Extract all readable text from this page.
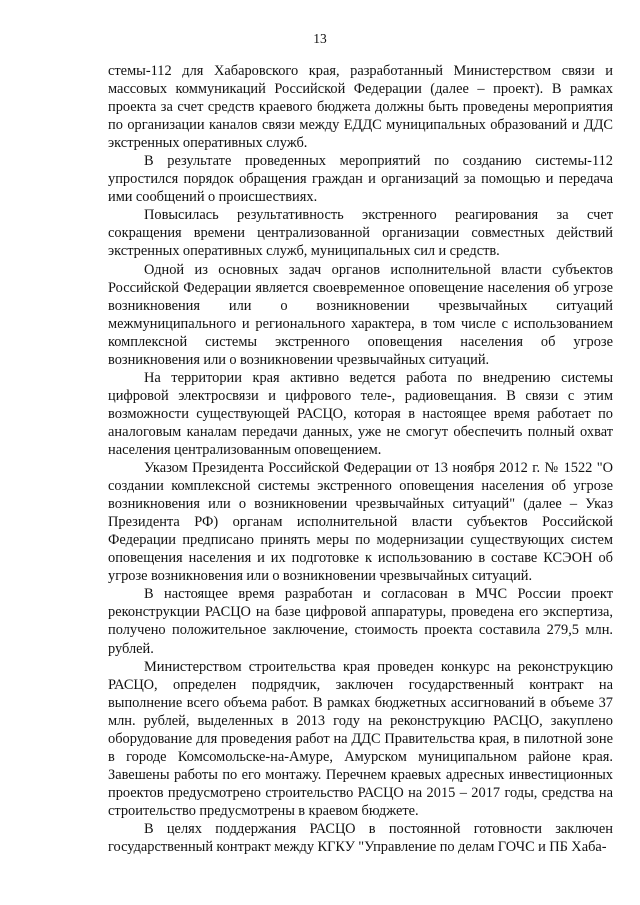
13

стемы-112 для Хабаровского края, разработанный Министерством связи и массовых коммуникаций Российской Федерации (далее – проект). В рамках проекта за счет средств краевого бюджета должны быть проведены мероприятия по организации каналов связи между ЕДДС муниципальных образований и ДДС экстренных оперативных служб.

В результате проведенных мероприятий по созданию системы-112 упростился порядок обращения граждан и организаций за помощью и передача ими сообщений о происшествиях.

Повысилась результативность экстренного реагирования за счет сокращения времени централизованной организации совместных действий экстренных оперативных служб, муниципальных сил и средств.

Одной из основных задач органов исполнительной власти субъектов Российской Федерации является своевременное оповещение населения об угрозе возникновения или о возникновении чрезвычайных ситуаций межмуниципального и регионального характера, в том числе с использованием комплексной системы экстренного оповещения населения об угрозе возникновения или о возникновении чрезвычайных ситуаций.

На территории края активно ведется работа по внедрению системы цифровой электросвязи и цифрового теле-, радиовещания. В связи с этим возможности существующей РАСЦО, которая в настоящее время работает по аналоговым каналам передачи данных, уже не смогут обеспечить полный охват населения централизованным оповещением.

Указом Президента Российской Федерации от 13 ноября 2012 г. № 1522 "О создании комплексной системы экстренного оповещения населения об угрозе возникновения или о возникновении чрезвычайных ситуаций" (далее – Указ Президента РФ) органам исполнительной власти субъектов Российской Федерации предписано принять меры по модернизации существующих систем оповещения населения и их подготовке к использованию в составе КСЭОН об угрозе возникновения или о возникновении чрезвычайных ситуаций.

В настоящее время разработан и согласован в МЧС России проект реконструкции РАСЦО на базе цифровой аппаратуры, проведена его экспертиза, получено положительное заключение, стоимость проекта составила 279,5 млн. рублей.

Министерством строительства края проведен конкурс на реконструкцию РАСЦО, определен подрядчик, заключен государственный контракт на выполнение всего объема работ. В рамках бюджетных ассигнований в объеме 37 млн. рублей, выделенных в 2013 году на реконструкцию РАСЦО, закуплено оборудование для проведения работ на ДДС Правительства края, в пилотной зоне в городе Комсомольске-на-Амуре, Амурском муниципальном районе края. Завешены работы по его монтажу. Перечнем краевых адресных инвестиционных проектов предусмотрено строительство РАСЦО на 2015 – 2017 годы, средства на строительство предусмотрены в краевом бюджете.

В целях поддержания РАСЦО в постоянной готовности заключен государственный контракт между КГКУ "Управление по делам ГОЧС и ПБ Хаба-
